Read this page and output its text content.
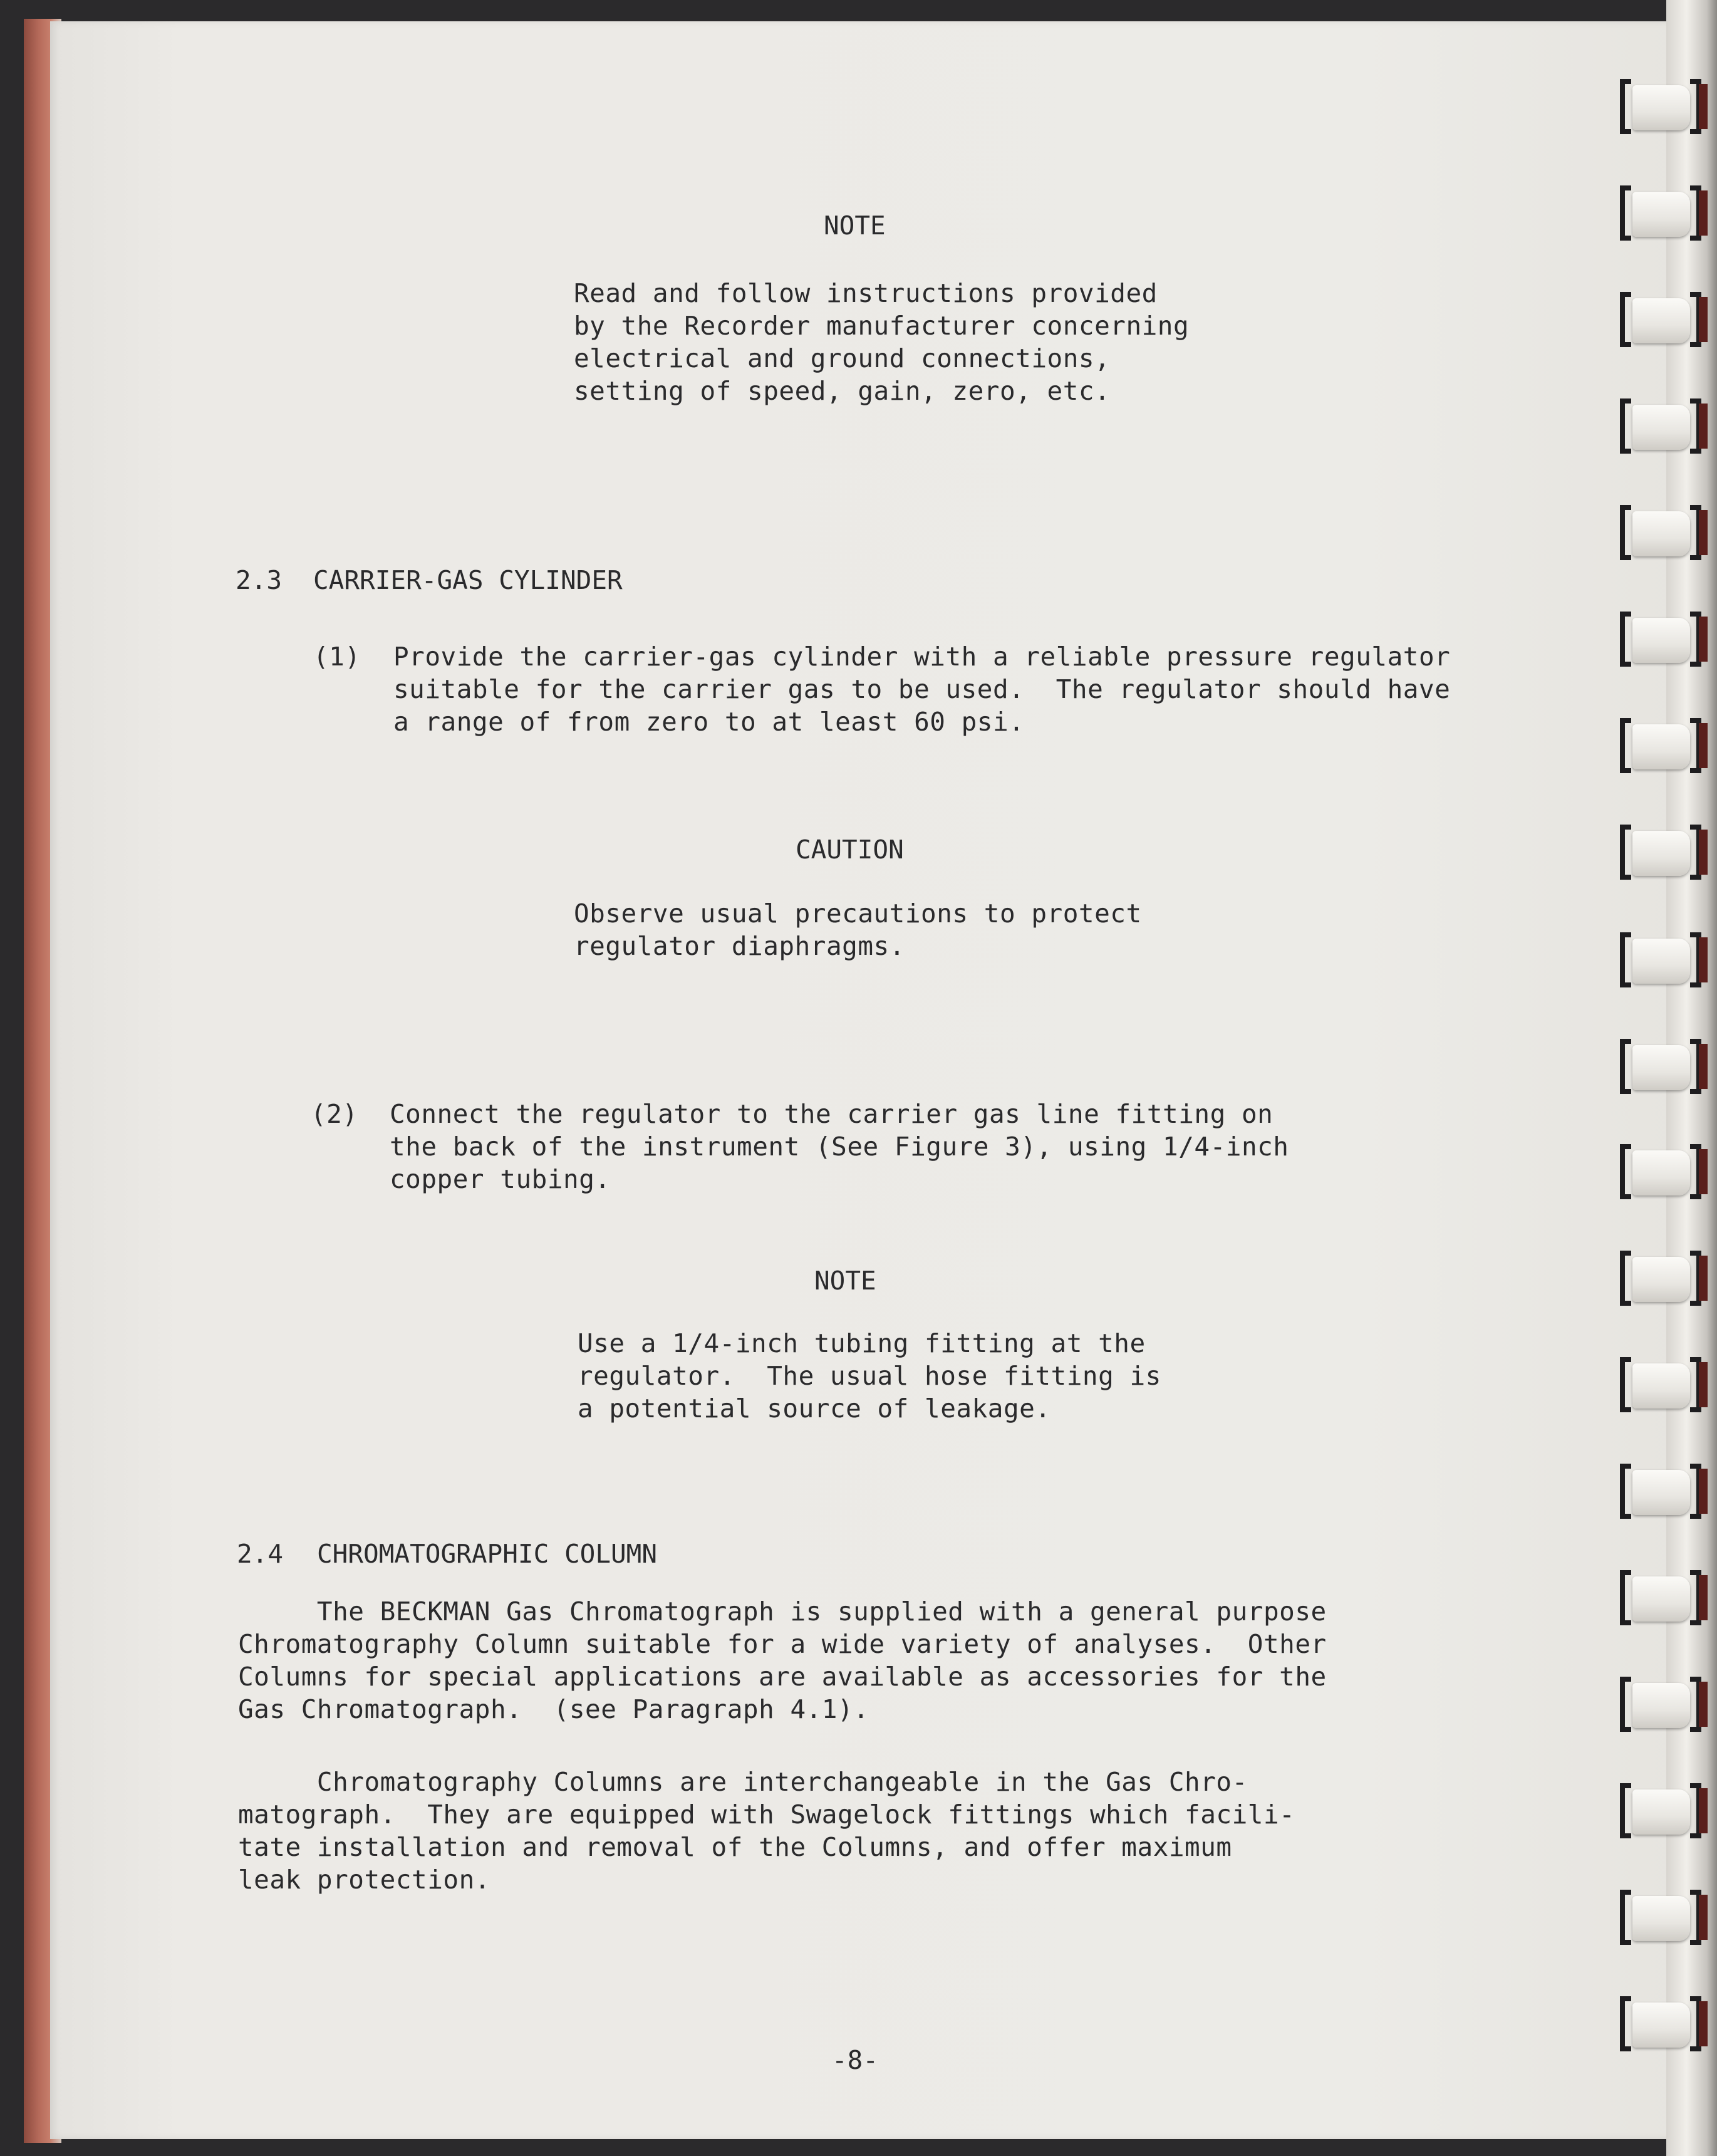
NOTE
Read and follow instructions provided
by the Recorder manufacturer concerning
electrical and ground connections,
setting of speed, gain, zero, etc.
2.3 CARRIER-GAS CYLINDER
(1) Provide the carrier-gas cylinder with a reliable pressure regulator
suitable for the carrier gas to be used.  The regulator should have
a range of from zero to at least 60 psi.
CAUTION
Observe usual precautions to protect
regulator diaphragms.
(2) Connect the regulator to the carrier gas line fitting on
the back of the instrument (See Figure 3), using 1/4-inch
copper tubing.
NOTE
Use a 1/4-inch tubing fitting at the
regulator.  The usual hose fitting is
a potential source of leakage.
2.4 CHROMATOGRAPHIC COLUMN
The BECKMAN Gas Chromatograph is supplied with a general purpose
Chromatography Column suitable for a wide variety of analyses.  Other
Columns for special applications are available as accessories for the
Gas Chromatograph.  (see Paragraph 4.1).
Chromatography Columns are interchangeable in the Gas Chro-
matograph.  They are equipped with Swagelock fittings which facili-
tate installation and removal of the Columns, and offer maximum
leak protection.
-8-
